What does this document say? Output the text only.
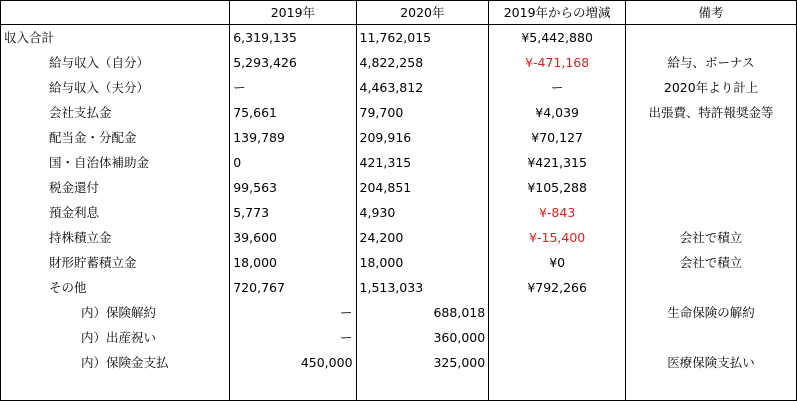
	2019年	2020年	2019年からの増減	備考
収入合計	6,319,135	11,762,015	¥5,442,880	
給与収入（自分）	5,293,426	4,822,258	¥-471,168	給与、ボーナス
給与収入（夫分）	ー	4,463,812	ー	2020年より計上
会社支払金	75,661	79,700	¥4,039	出張費、特許報奨金等
配当金・分配金	139,789	209,916	¥70,127	
国・自治体補助金	0	421,315	¥421,315	
税金還付	99,563	204,851	¥105,288	
預金利息	5,773	4,930	¥-843	
持株積立金	39,600	24,200	¥-15,400	会社で積立
財形貯蓄積立金	18,000	18,000	¥0	会社で積立
その他	720,767	1,513,033	¥792,266	
内）保険解約	ー	688,018		生命保険の解約
内）出産祝い	ー	360,000		
内）保険金支払	450,000	325,000		医療保険支払い
